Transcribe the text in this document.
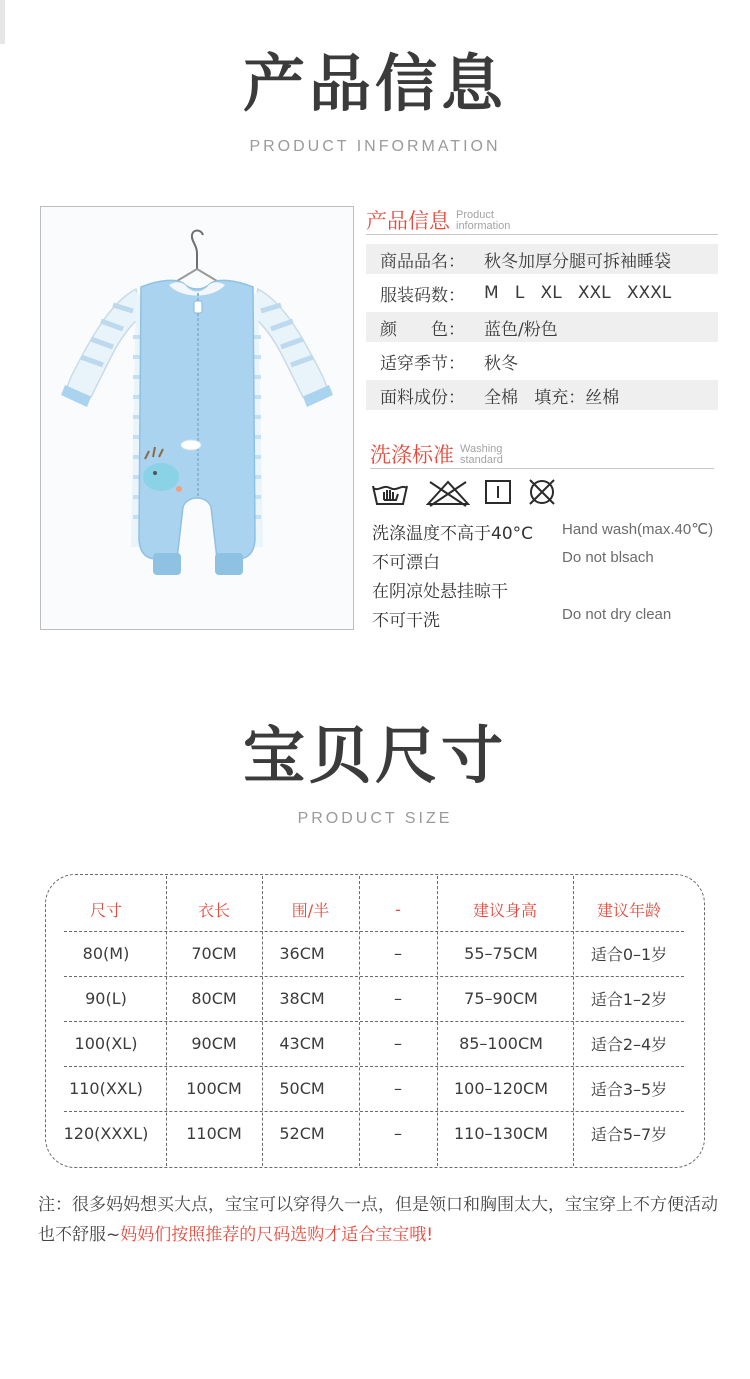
产品信息
PRODUCT INFORMATION
产品信息 Product
information
商品品名：	秋冬加厚分腿可拆袖睡袋
服装码数：	M   L   XL   XXL   XXXL
颜　　色：	蓝色/粉色
适穿季节：	秋冬
面料成份：	全棉   填充：丝棉
洗涤标准 Washing
standard
洗涤温度不高于40°C Hand wash(max.40℃)
不可漂白	Do not blsach
在阴凉处悬挂晾干
不可干洗	Do not dry clean
宝贝尺寸
PRODUCT SIZE
尺寸	衣长	围/半	-	建议身高	建议年龄
80(M)	70CM	36CM	–	55–75CM	适合0–1岁
90(L)	80CM	38CM	–	75–90CM	适合1–2岁
100(XL)	90CM	43CM	–	85–100CM	适合2–4岁
110(XXL)	100CM	50CM	–	100–120CM	适合3–5岁
120(XXXL)	110CM	52CM	–	110–130CM	适合5–7岁
注：很多妈妈想买大点，宝宝可以穿得久一点，但是领口和胸围太大，宝宝穿上不方便活动也不舒服~妈妈们按照推荐的尺码选购才适合宝宝哦!
